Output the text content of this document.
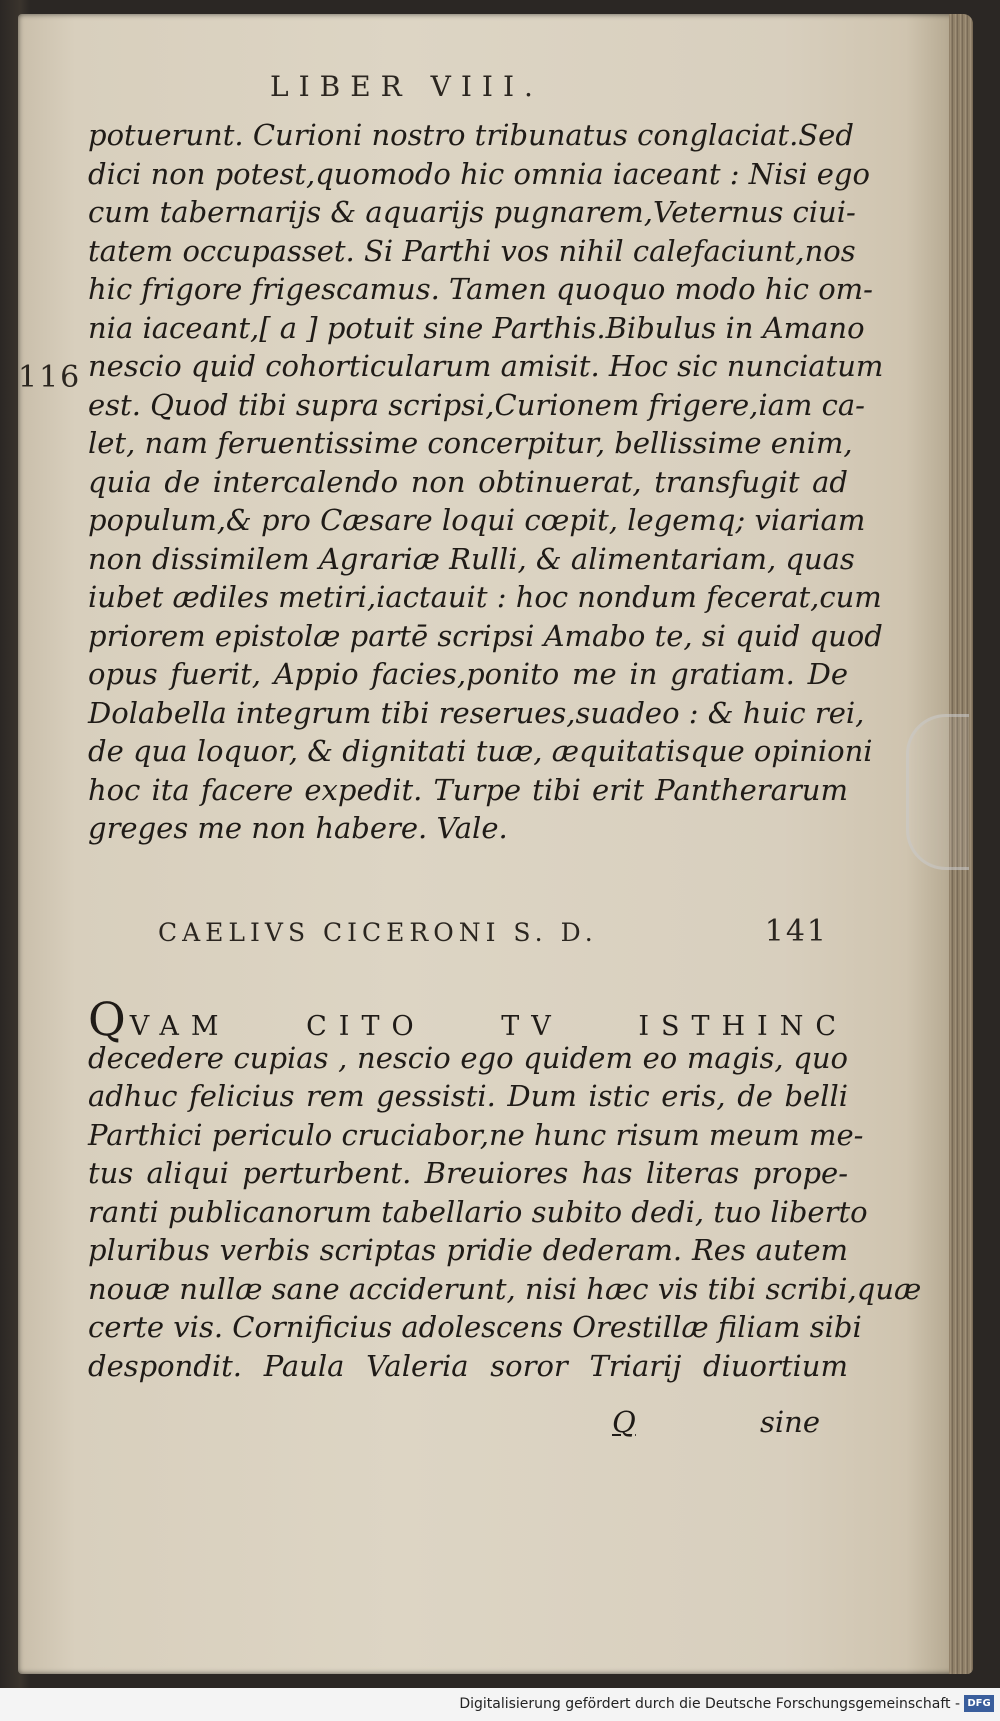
LIBER VIII.
116
potuerunt. Curioni nostro tribunatus conglaciat.Sed
dici non potest,quomodo hic omnia iaceant : Nisi ego
cum tabernarijs & aquarijs pugnarem,Veternus ciui-
tatem occupasset. Si Parthi vos nihil calefaciunt,nos
hic frigore frigescamus. Tamen quoquo modo hic om-
nia iaceant,[ a ] potuit sine Parthis.Bibulus in Amano
nescio quid cohorticularum amisit. Hoc sic nunciatum
est. Quod tibi supra scripsi,Curionem frigere,iam ca-
let, nam feruentissime concerpitur, bellissime enim,
quia de intercalendo non obtinuerat, transfugit ad
populum,& pro Cæsare loqui cœpit, legemq; viariam
non dissimilem Agrariæ Rulli, & alimentariam, quas
iubet ædiles metiri,iactauit : hoc nondum fecerat,cum
priorem epistolæ partē scripsi Amabo te, si quid quod
opus fuerit, Appio facies,ponito me in gratiam. De
Dolabella integrum tibi reserues,suadeo : & huic rei,
de qua loquor, & dignitati tuæ, æquitatisque opinioni
hoc ita facere expedit. Turpe tibi erit Pantherarum
greges me non habere. Vale.
CAELIVS CICERONI S. D.	141
QVAM CITO TV ISTHINC
decedere cupias , nescio ego quidem eo magis, quo
adhuc felicius rem gessisti. Dum istic eris, de belli
Parthici periculo cruciabor,ne hunc risum meum me-
tus aliqui perturbent. Breuiores has literas prope-
ranti publicanorum tabellario subito dedi, tuo liberto
pluribus verbis scriptas pridie dederam. Res autem
nouæ nullæ sane acciderunt, nisi hæc vis tibi scribi,quæ
certe vis. Cornificius adolescens Orestillæ filiam sibi
despondit. Paula Valeria soror Triarij diuortium
Q	sine
Digitalisierung gefördert durch die Deutsche Forschungsgemeinschaft - DFG
